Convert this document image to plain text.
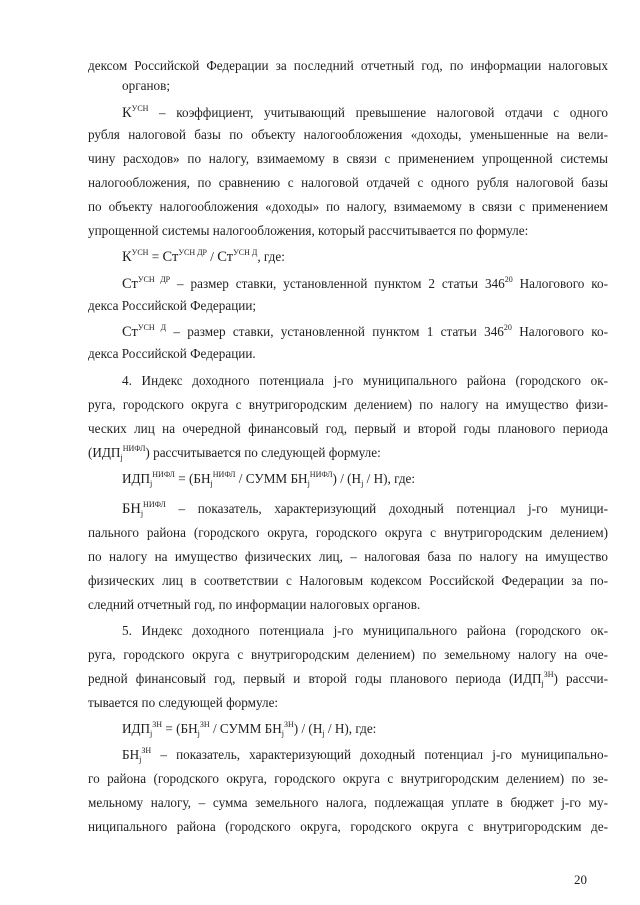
дексом Российской Федерации за последний отчетный год, по информации налоговых
органов;
$К^{УСН}$ – коэффициент, учитывающий превышение налоговой отдачи с одного
рубля налоговой базы по объекту налогообложения «доходы, уменьшенные на вели-
чину расходов» по налогу, взимаемому в связи с применением упрощенной системы
налогообложения, по сравнению с налоговой отдачей с одного рубля налоговой базы
по объекту налогообложения «доходы» по налогу, взимаемому в связи с применением
упрощенной системы налогообложения, который рассчитывается по формуле:
$К^{УСН} = Ст^{УСН ДР} / Ст^{УСН Д}$, где:
$Ст^{УСН ДР}$ – размер ставки, установленной пунктом 2 статьи $346^{20}$ Налогового ко-
декса Российской Федерации;
$Ст^{УСН Д}$ – размер ставки, установленной пунктом 1 статьи $346^{20}$ Налогового ко-
декса Российской Федерации.
4. Индекс доходного потенциала j-го муниципального района (городского ок-
руга, городского округа с внутригородским делением) по налогу на имущество физи-
ческих лиц на очередной финансовый год, первый и второй годы планового периода
$(ИДП_j^{НИФЛ})$ рассчитывается по следующей формуле:
$ИДП_j^{НИФЛ} = (БН_j^{НИФЛ}$ / СУММ $БН_j^{НИФЛ}) / (Н_j / Н)$, где:
$БН_j^{НИФЛ}$ – показатель, характеризующий доходный потенциал j-го муници-
пального района (городского округа, городского округа с внутригородским делением)
по налогу на имущество физических лиц, – налоговая база по налогу на имущество
физических лиц в соответствии с Налоговым кодексом Российской Федерации за по-
следний отчетный год, по информации налоговых органов.
5. Индекс доходного потенциала j-го муниципального района (городского ок-
руга, городского округа с внутригородским делением) по земельному налогу на оче-
редной финансовый год, первый и второй годы планового периода $(ИДП_j^{ЗН})$ рассчи-
тывается по следующей формуле:
$ИДП_j^{ЗН} = (БН_j^{ЗН}$ / СУММ $БН_j^{ЗН}) / (Н_j / Н)$, где:
$БН_j^{ЗН}$ – показатель, характеризующий доходный потенциал j-го муниципально-
го района (городского округа, городского округа с внутригородским делением) по зе-
мельному налогу, – сумма земельного налога, подлежащая уплате в бюджет j-го му-
ниципального района (городского округа, городского округа с внутригородским де-
20
